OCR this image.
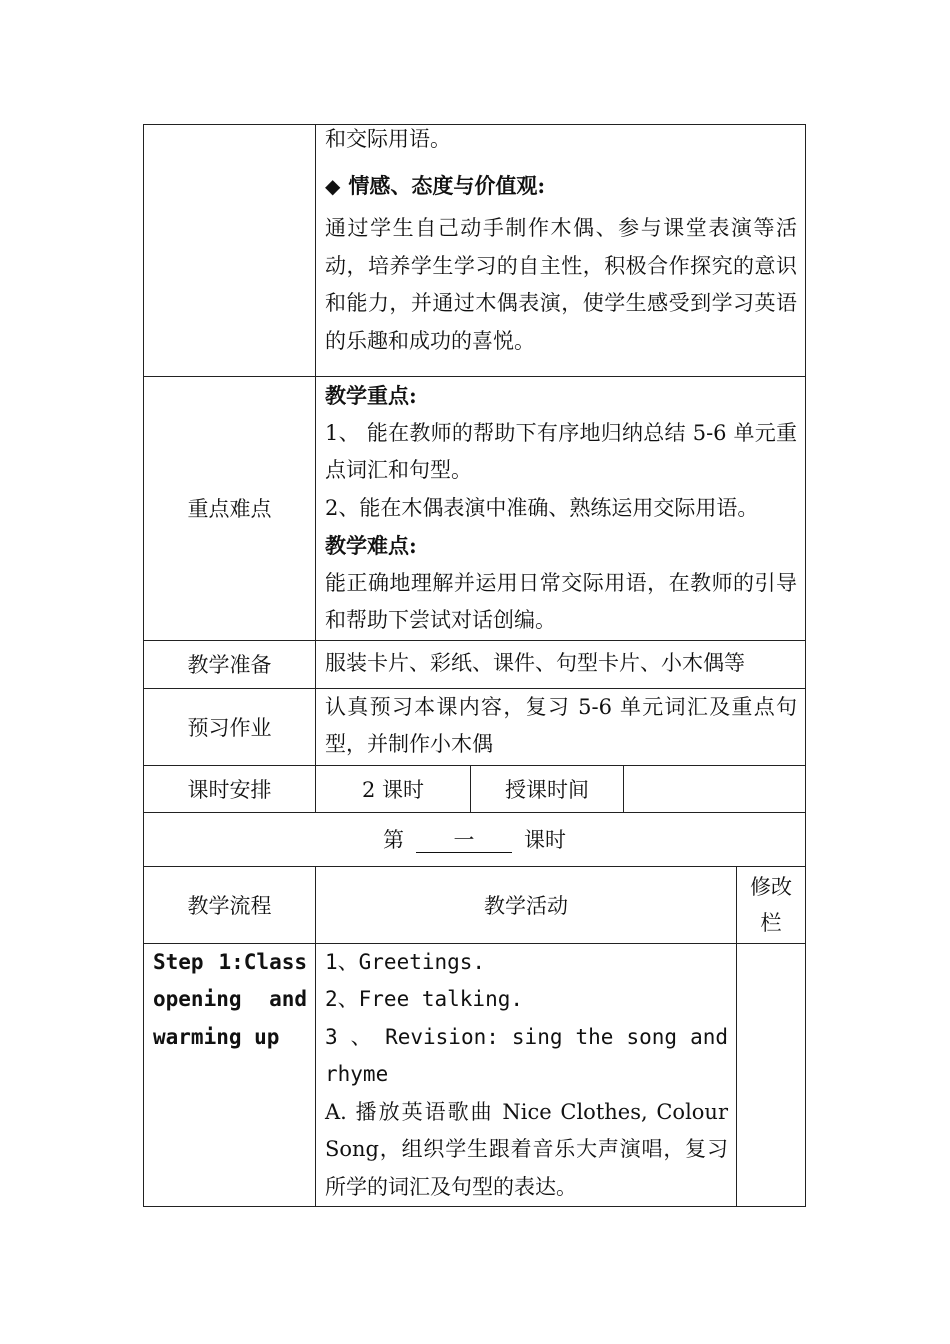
	和交际用语。
◆ 情感、态度与价值观:
通过学生自己动手制作木偶、参与课堂表演等活动，培养学生学习的自主性，积极合作探究的意识和能力，并通过木偶表演，使学生感受到学习英语的乐趣和成功的喜悦。			

重点难点	教学重点:
1、 能在教师的帮助下有序地归纳总结 5-6 单元重点词汇和句型。
2、能在木偶表演中准确、熟练运用交际用语。
教学难点:
能正确地理解并运用日常交际用语，在教师的引导和帮助下尝试对话创编。			

教学准备	服装卡片、彩纸、课件、句型卡片、小木偶等			

预习作业	认真预习本课内容，复习 5-6 单元词汇及重点句型，并制作小木偶			

课时安排	2 课时	授课时间		
第 一 课时				
教学流程	教学活动			修改栏

Step 1:Class opening and warming up	1、Greetings.
2、Free talking.
3 、 Revision: sing the song and rhyme
A. 播放英语歌曲 Nice Clothes, Colour Song，组织学生跟着音乐大声演唱，复习所学的词汇及句型的表达。			
